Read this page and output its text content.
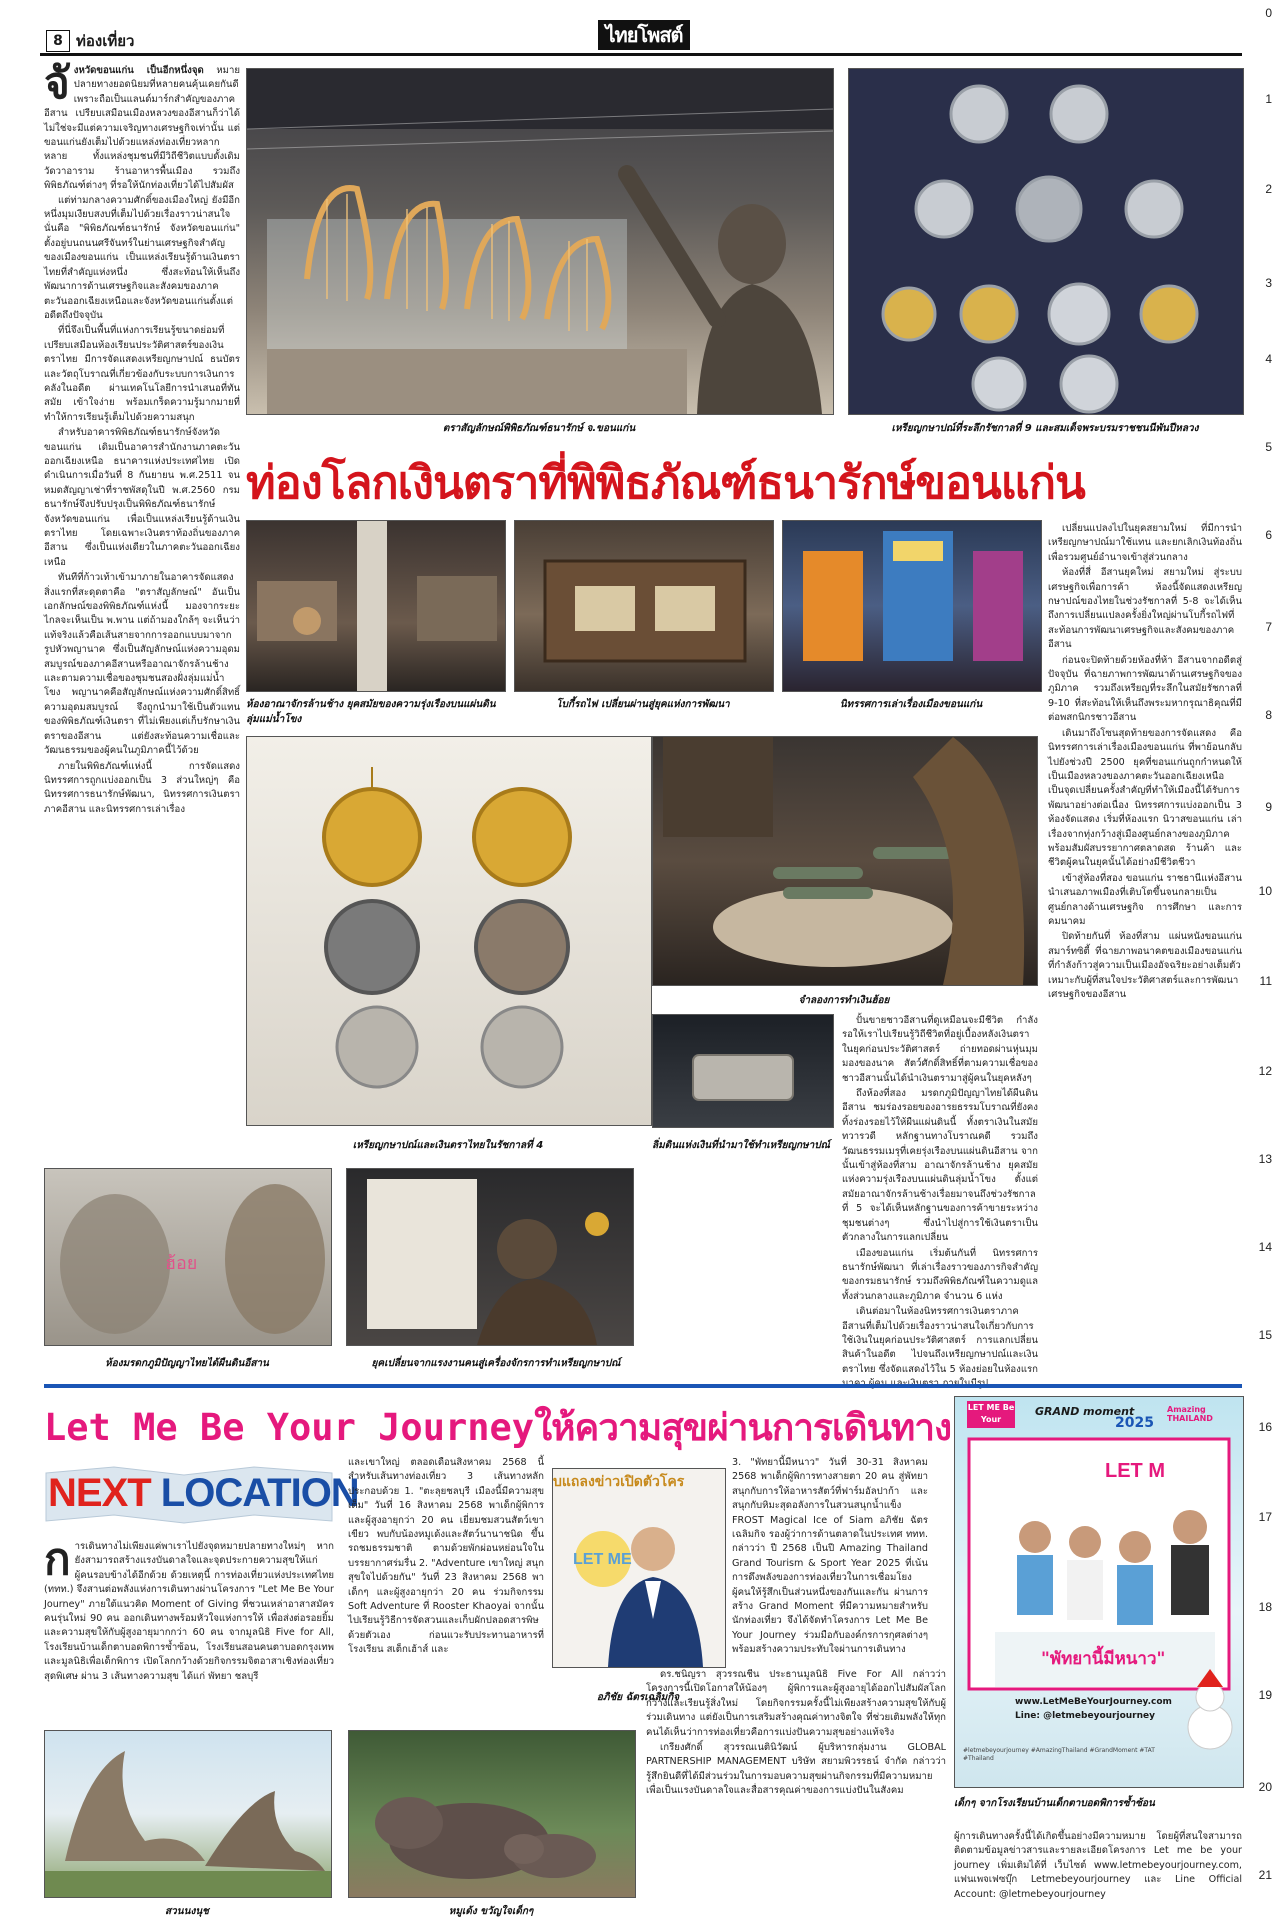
8 ท่องเที่ยว	ไทยโพสต์
0
1
2
3
4
5
6
7
8
9
10
11
12
13
14
15
16
17
18
19
20
21
จั งหวัดขอนแก่น เป็นอีกหนึ่งจุด หมายปลายทางยอดนิยมที่หลายคนคุ้นเคยกันดี เพราะถือเป็นแลนด์มาร์กสำคัญของภาคอีสาน เปรียบเสมือนเมืองหลวงของอีสานก็ว่าได้ ไม่ใช่จะมีแต่ความเจริญทางเศรษฐกิจเท่านั้น แต่ขอนแก่นยังเต็มไปด้วยแหล่งท่องเที่ยวหลากหลาย ทั้งแหล่งชุมชนที่มีวิถีชีวิตแบบดั้งเดิม วัดวาอาราม ร้านอาหารพื้นเมือง รวมถึงพิพิธภัณฑ์ต่างๆ ที่รอให้นักท่องเที่ยวได้ไปสัมผัส

แต่ท่ามกลางความศักดิ์ของเมืองใหญ่ ยังมีอีกหนึ่งมุมเงียบสงบที่เต็มไปด้วยเรื่องราวน่าสนใจ นั่นคือ "พิพิธภัณฑ์ธนารักษ์ จังหวัดขอนแก่น" ตั้งอยู่บนถนนศรีจันทร์ในย่านเศรษฐกิจสำคัญของเมืองขอนแก่น เป็นแหล่งเรียนรู้ด้านเงินตราไทยที่สำคัญแห่งหนึ่ง ซึ่งสะท้อนให้เห็นถึงพัฒนาการด้านเศรษฐกิจและสังคมของภาคตะวันออกเฉียงเหนือและจังหวัดขอนแก่นตั้งแต่อดีตถึงปัจจุบัน

ที่นี่จึงเป็นพื้นที่แห่งการเรียนรู้ขนาดย่อมที่เปรียบเสมือนห้องเรียนประวัติศาสตร์ของเงินตราไทย มีการจัดแสดงเหรียญกษาปณ์ ธนบัตร และวัตถุโบราณที่เกี่ยวข้องกับระบบการเงินการคลังในอดีต ผ่านเทคโนโลยีการนำเสนอที่ทันสมัย เข้าใจง่าย พร้อมเกร็ดความรู้มากมายที่ทำให้การเรียนรู้เต็มไปด้วยความสนุก

สำหรับอาคารพิพิธภัณฑ์ธนารักษ์จังหวัดขอนแก่น เดิมเป็นอาคารสำนักงานภาคตะวันออกเฉียงเหนือ ธนาคารแห่งประเทศไทย เปิดดำเนินการเมื่อวันที่ 8 กันยายน พ.ศ.2511 จนหมดสัญญาเช่าที่ราชพัสดุในปี พ.ศ.2560 กรมธนารักษ์จึงปรับปรุงเป็นพิพิธภัณฑ์ธนารักษ์ จังหวัดขอนแก่น เพื่อเป็นแหล่งเรียนรู้ด้านเงินตราไทย โดยเฉพาะเงินตราท้องถิ่นของภาคอีสาน ซึ่งเป็นแห่งเดียวในภาคตะวันออกเฉียงเหนือ

ทันทีที่ก้าวเท้าเข้ามาภายในอาคารจัดแสดง สิ่งแรกที่สะดุดตาคือ "ตราสัญลักษณ์" อันเป็นเอกลักษณ์ของพิพิธภัณฑ์แห่งนี้ มองจากระยะไกลจะเห็นเป็น พ.พาน แต่ถ้ามองใกล้ๆ จะเห็นว่าแท้จริงแล้วคือเส้นสายจากการออกแบบมาจาก รูปหัวพญานาค ซึ่งเป็นสัญลักษณ์แห่งความอุดมสมบูรณ์ของภาคอีสานหรืออาณาจักรล้านช้าง และตามความเชื่อของชุมชนสองฝั่งลุ่มแม่น้ำโขง พญานาคคือสัญลักษณ์แห่งความศักดิ์สิทธิ์ ความอุดมสมบูรณ์ จึงถูกนำมาใช้เป็นตัวแทนของพิพิธภัณฑ์เงินตรา ที่ไม่เพียงแต่เก็บรักษาเงินตราของอีสาน แต่ยังสะท้อนความเชื่อและวัฒนธรรมของผู้คนในภูมิภาคนี้ไว้ด้วย

ภายในพิพิธภัณฑ์แห่งนี้ การจัดแสดงนิทรรศการถูกแบ่งออกเป็น 3 ส่วนใหญ่ๆ คือ นิทรรศการธนารักษ์พัฒนา, นิทรรศการเงินตราภาคอีสาน และนิทรรศการเล่าเรื่อง

ตราสัญลักษณ์พิพิธภัณฑ์ธนารักษ์ จ.ขอนแก่น	เหรียญกษาปณ์ที่ระลึกรัชกาลที่ 9 และสมเด็จพระบรมราชชนนีพันปีหลวง
ท่องโลกเงินตราที่พิพิธภัณฑ์ธนารักษ์ขอนแก่น
ห้องอาณาจักรล้านช้าง ยุคสมัยของความรุ่งเรืองบนแผ่นดินลุ่มแม่น้ำโขง
โบกี้รถไฟ เปลี่ยนผ่านสู่ยุคแห่งการพัฒนา	นิทรรศการเล่าเรื่องเมืองขอนแก่น

เปลี่ยนแปลงไปในยุคสยามใหม่ ที่มีการนำเหรียญกษาปณ์มาใช้แทน และยกเลิกเงินท้องถิ่น เพื่อรวมศูนย์อำนาจเข้าสู่ส่วนกลาง

ห้องที่สี่ อีสานยุคใหม่ สยามใหม่ สู่ระบบเศรษฐกิจเพื่อการค้า ห้องนี้จัดแสดงเหรียญกษาปณ์ของไทยในช่วงรัชกาลที่ 5-8 จะได้เห็นถึงการเปลี่ยนแปลงครั้งยิ่งใหญ่ผ่านโบกี้รถไฟที่สะท้อนการพัฒนาเศรษฐกิจและสังคมของภาคอีสาน

ก่อนจะปิดท้ายด้วยห้องที่ห้า อีสานจากอดีตสู่ปัจจุบัน ที่ฉายภาพการพัฒนาด้านเศรษฐกิจของภูมิภาค รวมถึงเหรียญที่ระลึกในสมัยรัชกาลที่ 9-10 ที่สะท้อนให้เห็นถึงพระมหากรุณาธิคุณที่มีต่อพสกนิกรชาวอีสาน

เดินมาถึงโซนสุดท้ายของการจัดแสดง คือ นิทรรศการเล่าเรื่องเมืองขอนแก่น ที่พาย้อนกลับไปยังช่วงปี 2500 ยุคที่ขอนแก่นถูกกำหนดให้เป็นเมืองหลวงของภาคตะวันออกเฉียงเหนือ เป็นจุดเปลี่ยนครั้งสำคัญที่ทำให้เมืองนี้ได้รับการพัฒนาอย่างต่อเนื่อง นิทรรศการแบ่งออกเป็น 3 ห้องจัดแสดง เริ่มที่ห้องแรก นิวาสขอนแก่น เล่าเรื่องจากทุ่งกว้างสู่เมืองศูนย์กลางของภูมิภาค พร้อมสัมผัสบรรยากาศตลาดสด ร้านค้า และชีวิตผู้คนในยุคนั้นได้อย่างมีชีวิตชีวา

เข้าสู่ห้องที่สอง ขอนแก่น ราชธานีแห่งอีสาน นำเสนอภาพเมืองที่เติบโตขึ้นจนกลายเป็นศูนย์กลางด้านเศรษฐกิจ การศึกษา และการคมนาคม

ปิดท้ายกันที่ ห้องที่สาม แผ่นหนังขอนแก่นสมาร์ทซิตี้ ที่ฉายภาพอนาคตของเมืองขอนแก่นที่กำลังก้าวสู่ความเป็นเมืองอัจฉริยะอย่างเต็มตัว เหมาะกับผู้ที่สนใจประวัติศาสตร์และการพัฒนาเศรษฐกิจของอีสาน

เหรียญกษาปณ์และเงินตราไทยในรัชกาลที่ 4
จำลองการทำเงินฮ้อย
ลิ่มดินแห่งเงินที่นำมาใช้ทำเหรียญกษาปณ์

ปั้นขายชาวอีสานที่ดูเหมือนจะมีชีวิต กำลังรอให้เราไปเรียนรู้วิถีชีวิตที่อยู่เบื้องหลังเงินตราในยุคก่อนประวัติศาสตร์ ถ่ายทอดผ่านหุ่นมุมมองของนาค สัตว์ศักดิ์สิทธิ์ที่ตามความเชื่อของชาวอีสานนั้นได้นำเงินตรามาสู่ผู้คนในยุคหลังๆ

ถึงห้องที่สอง มรดกภูมิปัญญาไทยได้ผืนดินอีสาน ชมร่องรอยของอารยธรรมโบราณที่ยังคงทิ้งร่องรอยไว้ให้ผืนแผ่นดินนี้ ทั้งตราเงินในสมัยทวารวดี หลักฐานทางโบราณคดี รวมถึงวัฒนธรรมเมรุที่เคยรุ่งเรืองบนแผ่นดินอีสาน จากนั้นเข้าสู่ห้องที่สาม อาณาจักรล้านช้าง ยุคสมัยแห่งความรุ่งเรืองบนแผ่นดินลุ่มน้ำโขง ตั้งแต่สมัยอาณาจักรล้านช้างเรื่อยมาจนถึงช่วงรัชกาลที่ 5 จะได้เห็นหลักฐานของการค้าขายระหว่างชุมชนต่างๆ ซึ่งนำไปสู่การใช้เงินตราเป็นตัวกลางในการแลกเปลี่ยน

เมืองขอนแก่น เริ่มต้นกันที่ นิทรรศการธนารักษ์พัฒนา ที่เล่าเรื่องราวของภารกิจสำคัญของกรมธนารักษ์ รวมถึงพิพิธภัณฑ์ในความดูแลทั้งส่วนกลางและภูมิภาค จำนวน 6 แห่ง

เดินต่อมาในห้องนิทรรศการเงินตราภาคอีสานที่เต็มไปด้วยเรื่องราวน่าสนใจเกี่ยวกับการใช้เงินในยุคก่อนประวัติศาสตร์ การแลกเปลี่ยนสินค้าในอดีต ไปจนถึงเหรียญกษาปณ์และเงินตราไทย ซึ่งจัดแสดงไว้ใน 5 ห้องย่อยในห้องแรก

ฮ้อย
ห้องมรดกภูมิปัญญาไทยได้ผืนดินอีสาน	ยุคเปลี่ยนจากแรงงานคนสู่เครื่องจักรการทำเหรียญกษาปณ์
Let Me Be Your Journeyให้ความสุขผ่านการเดินทาง
NEXT LOCATION
ก ารเดินทางไม่เพียงแค่พาเราไปยังจุดหมายปลายทางใหม่ๆ หากยังสามารถสร้างแรงบันดาลใจและจุดประกายความสุขให้แก่ผู้คนรอบข้างได้อีกด้วย ด้วยเหตุนี้ การท่องเที่ยวแห่งประเทศไทย (ททท.) จึงสานต่อพลังแห่งการเดินทางผ่านโครงการ "Let Me Be Your Journey" ภายใต้แนวคิด Moment of Giving ที่ชวนเหล่าอาสาสมัครคนรุ่นใหม่ 90 คน ออกเดินทางพร้อมหัวใจแห่งการให้ เพื่อส่งต่อรอยยิ้มและความสุขให้กับผู้สูงอายุมากกว่า 60 คน จากมูลนิธิ Five for All, โรงเรียนบ้านเด็กตาบอดพิการซ้ำซ้อน, โรงเรียนสอนคนตาบอดกรุงเทพ และมูลนิธิเพื่อเด็กพิการ เปิดโลกกว้างด้วยกิจกรรมจิตอาสาเชิงท่องเที่ยวสุดพิเศษ ผ่าน 3 เส้นทางความสุข ได้แก่ พัทยา ชลบุรี
และเขาใหญ่ ตลอดเดือนสิงหาคม 2568 นี้ สำหรับเส้นทางท่องเที่ยว 3 เส้นทางหลัก ประกอบด้วย 1. "ตะลุยชลบุรี เมืองนี้มีความสุขเต็ม" วันที่ 16 สิงหาคม 2568 พาเด็กผู้พิการและผู้สูงอายุกว่า 20 คน เยี่ยมชมสวนสัตว์เขาเขียว พบกับน้องหมูเด้งและสัตว์นานาชนิด ขึ้นรถชมธรรมชาติ ตามด้วยพักผ่อนหย่อนใจในบรรยากาศร่มรื่น 2. "Adventure เขาใหญ่ สนุกสุขใจไปด้วยกัน" วันที่ 23 สิงหาคม 2568 พาเด็กๆ และผู้สูงอายุกว่า 20 คน ร่วมกิจกรรม Soft Adventure ที่ Rooster Khaoyai จากนั้นไปเรียนรู้วิธีการจัดสวนและเก็บผักปลอดสารพิษด้วยตัวเอง ก่อนแวะรับประทานอาหารที่โรงเรียน สเต็กเฮ้าส์ และ
บแถลงข่าวเปิดตัวโคร
LET ME
อภิชัย ฉัตรเฉลิมกิจ
3. "พัทยานี้มีหนาว" วันที่ 30-31 สิงหาคม 2568 พาเด็กผู้พิการทางสายตา 20 คน สู่พัทยา สนุกกับการให้อาหารสัตว์ที่ฟาร์มอัลปาก้า และสนุกกับหิมะสุดอลังการในสวนสนุกน้ำแข็ง FROST Magical Ice of Siam อภิชัย ฉัตรเฉลิมกิจ รองผู้ว่าการด้านตลาดในประเทศ ททท. กล่าวว่า ปี 2568 เป็นปี Amazing Thailand Grand Tourism & Sport Year 2025 ที่เน้นการดึงพลังของการท่องเที่ยวในการเชื่อมโยงผู้คนให้รู้สึกเป็นส่วนหนึ่งของกันและกัน ผ่านการสร้าง Grand Moment ที่มีความหมายสำหรับนักท่องเที่ยว จึงได้จัดทำโครงการ Let Me Be Your Journey ร่วมมือกับองค์กรการกุศลต่างๆ พร้อมสร้างความประทับใจผ่านการเดินทาง
LET ME Be Your
GRAND moment
2025
Amazing THAILAND
LET M
"พัทยานี้มีหนาว"
www.LetMeBeYourJourney.com
Line: @letmebeyourjourney
#letmebeyourjourney #AmazingThailand #GrandMoment #TAT #Thailand
เด็กๆ จากโรงเรียนบ้านเด็กตาบอดพิการซ้ำซ้อน
ผู้การเดินทางครั้งนี้ได้เกิดขึ้นอย่างมีความหมาย โดยผู้ที่สนใจสามารถติดตามข้อมูลข่าวสารและรายละเอียดโครงการ Let me be your journey เพิ่มเติมได้ที่ เว็บไซต์ www.letmebeyourjourney.com, แฟนเพจเฟซบุ๊ก Letmebeyourjourney และ Line Official Account: @letmebeyourjourney
สวนนงนุช	หมูเด้ง ขวัญใจเด็กๆ

ดร.ชนิญรา สุวรรณชีน ประธานมูลนิธิ Five For All กล่าวว่า โครงการนี้เปิดโอกาสให้น้องๆ ผู้พิการและผู้สูงอายุได้ออกไปสัมผัสโลกกว้างและเรียนรู้สิ่งใหม่ โดยกิจกรรมครั้งนี้ไม่เพียงสร้างความสุขให้กับผู้ร่วมเดินทาง แต่ยังเป็นการเสริมสร้างคุณค่าทางจิตใจ ที่ช่วยเติมพลังให้ทุกคนได้เห็นว่าการท่องเที่ยวคือการแบ่งปันความสุขอย่างแท้จริง

เกรียงศักดิ์ สุวรรณเนตินิวัฒน์ ผู้บริหารกลุ่มงาน GLOBAL PARTNERSHIP MANAGEMENT บริษัท สยามพิวรรธน์ จำกัด กล่าวว่า รู้สึกยินดีที่ได้มีส่วนร่วมในการมอบความสุขผ่านกิจกรรมที่มีความหมาย เพื่อเป็นแรงบันดาลใจและสื่อสารคุณค่าของการแบ่งปันในสังคม
